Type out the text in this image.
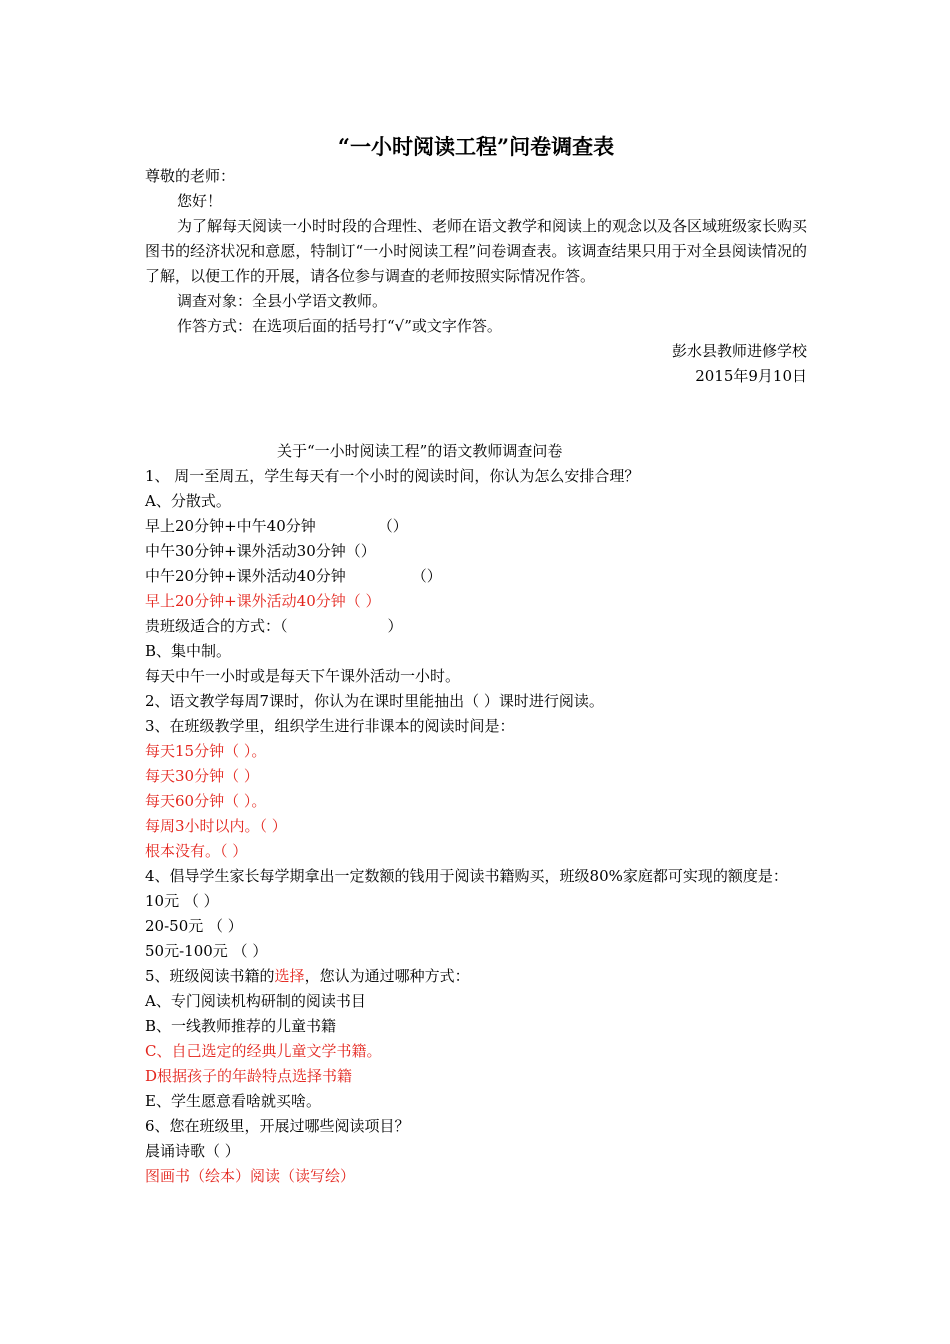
“一小时阅读工程”问卷调查表
尊敬的老师：
您好！
为了解每天阅读一小时时段的合理性、老师在语文教学和阅读上的观念以及各区域班级家长购买图书的经济状况和意愿，特制订“一小时阅读工程”问卷调查表。该调查结果只用于对全县阅读情况的了解，以便工作的开展，请各位参与调查的老师按照实际情况作答。
调查对象：全县小学语文教师。
作答方式：在选项后面的括号打“√”或文字作答。
彭水县教师进修学校
2015年9月10日
关于“一小时阅读工程”的语文教师调查问卷
1、 周一至周五，学生每天有一个小时的阅读时间，你认为怎么安排合理？
A、分散式。
早上20分钟+中午40分钟	（）
中午30分钟+课外活动30分钟（）
中午20分钟+课外活动40分钟	（）
早上20分钟+课外活动40分钟（ ）
贵班级适合的方式：（	）
B、集中制。
每天中午一小时或是每天下午课外活动一小时。
2、语文教学每周7课时，你认为在课时里能抽出（ ）课时进行阅读。
3、在班级教学里，组织学生进行非课本的阅读时间是：
每天15分钟（ ）。
每天30分钟（ ）
每天60分钟（ ）。
每周3小时以内。（ ）
根本没有。（ ）
4、倡导学生家长每学期拿出一定数额的钱用于阅读书籍购买，班级80%家庭都可实现的额度是：
10元 （ ）
20-50元 （ ）
50元-100元 （ ）
5、班级阅读书籍的选择，您认为通过哪种方式：
A、专门阅读机构研制的阅读书目
B、一线教师推荐的儿童书籍
C、自己选定的经典儿童文学书籍。
D根据孩子的年龄特点选择书籍
E、学生愿意看啥就买啥。
6、您在班级里，开展过哪些阅读项目？
晨诵诗歌（ ）
图画书（绘本）阅读（读写绘）
